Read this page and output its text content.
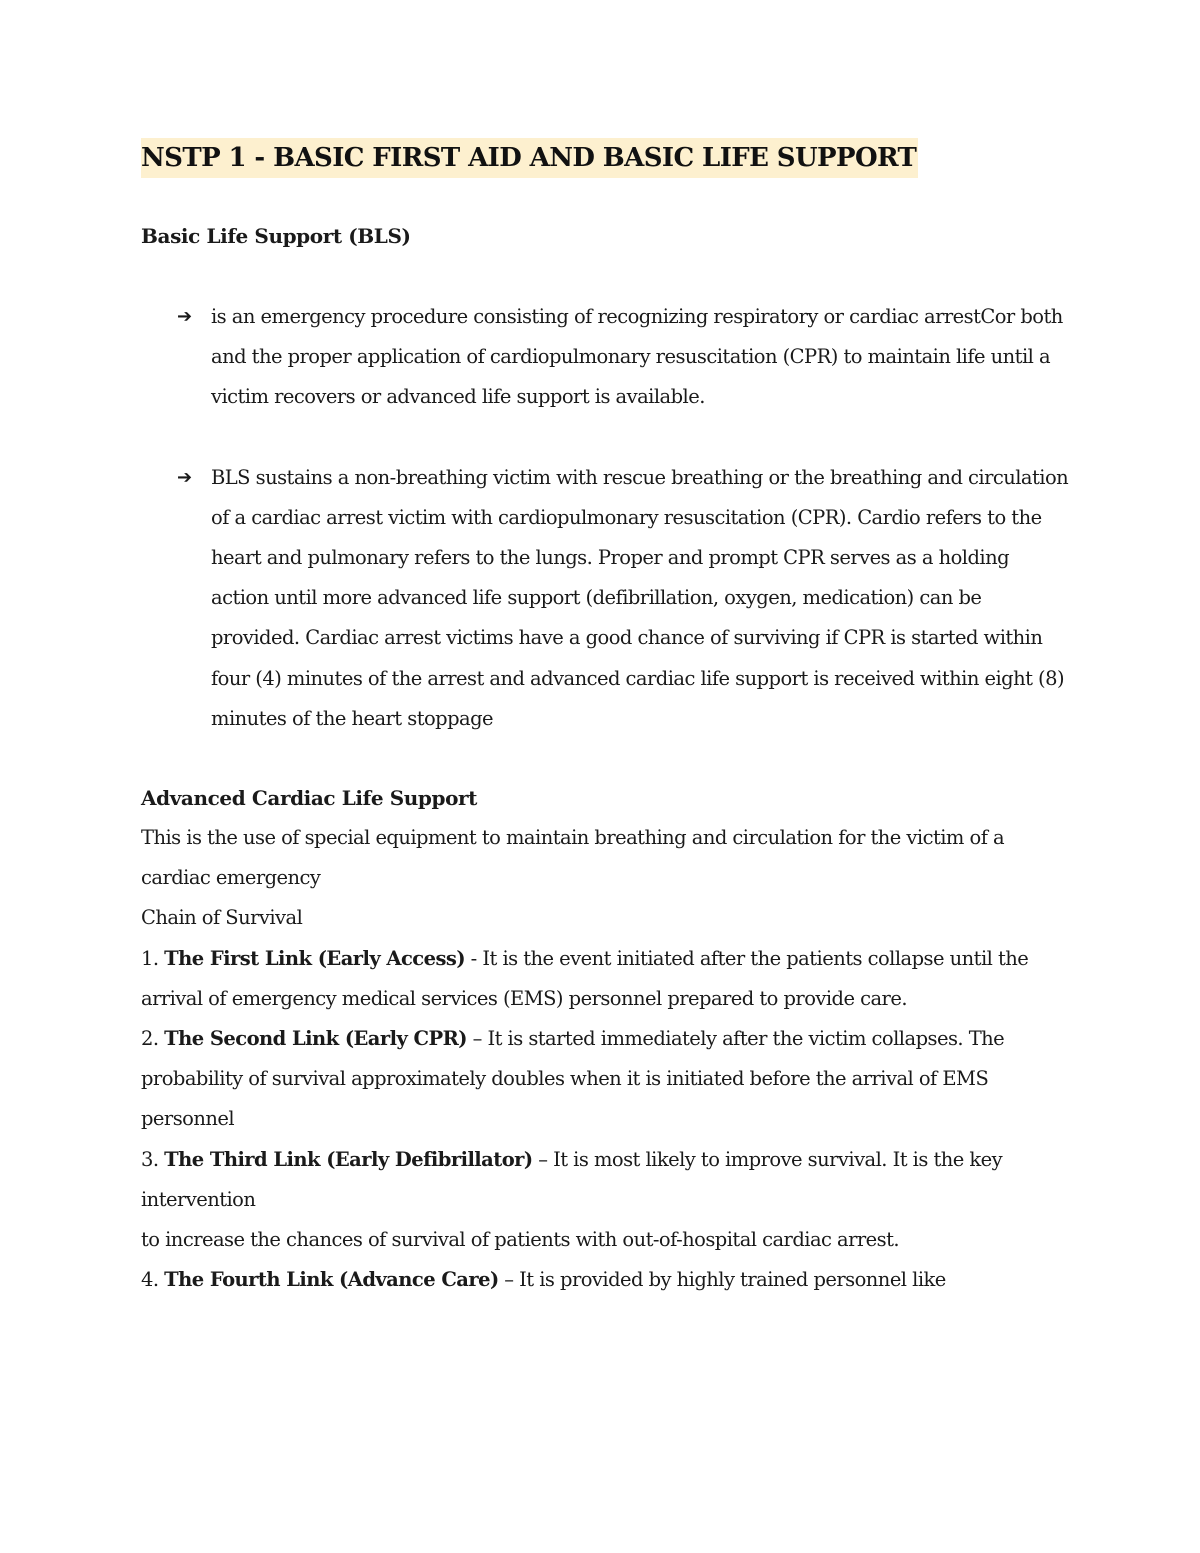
NSTP 1 - BASIC FIRST AID AND BASIC LIFE SUPPORT
Basic Life Support (BLS)
➔ is an emergency procedure consisting of recognizing respiratory or cardiac arrestCor both and the proper application of cardiopulmonary resuscitation (CPR) to maintain life until a victim recovers or advanced life support is available.
➔ BLS sustains a non-breathing victim with rescue breathing or the breathing and circulation of a cardiac arrest victim with cardiopulmonary resuscitation (CPR). Cardio refers to the heart and pulmonary refers to the lungs. Proper and prompt CPR serves as a holding action until more advanced life support (defibrillation, oxygen, medication) can be provided. Cardiac arrest victims have a good chance of surviving if CPR is started within four (4) minutes of the arrest and advanced cardiac life support is received within eight (8) minutes of the heart stoppage
Advanced Cardiac Life Support

This is the use of special equipment to maintain breathing and circulation for the victim of a cardiac emergency

Chain of Survival

1. The First Link (Early Access) - It is the event initiated after the patients collapse until the arrival of emergency medical services (EMS) personnel prepared to provide care.

2. The Second Link (Early CPR) – It is started immediately after the victim collapses. The probability of survival approximately doubles when it is initiated before the arrival of EMS personnel

3. The Third Link (Early Defibrillator) – It is most likely to improve survival. It is the key intervention

to increase the chances of survival of patients with out-of-hospital cardiac arrest.

4. The Fourth Link (Advance Care) – It is provided by highly trained personnel like
